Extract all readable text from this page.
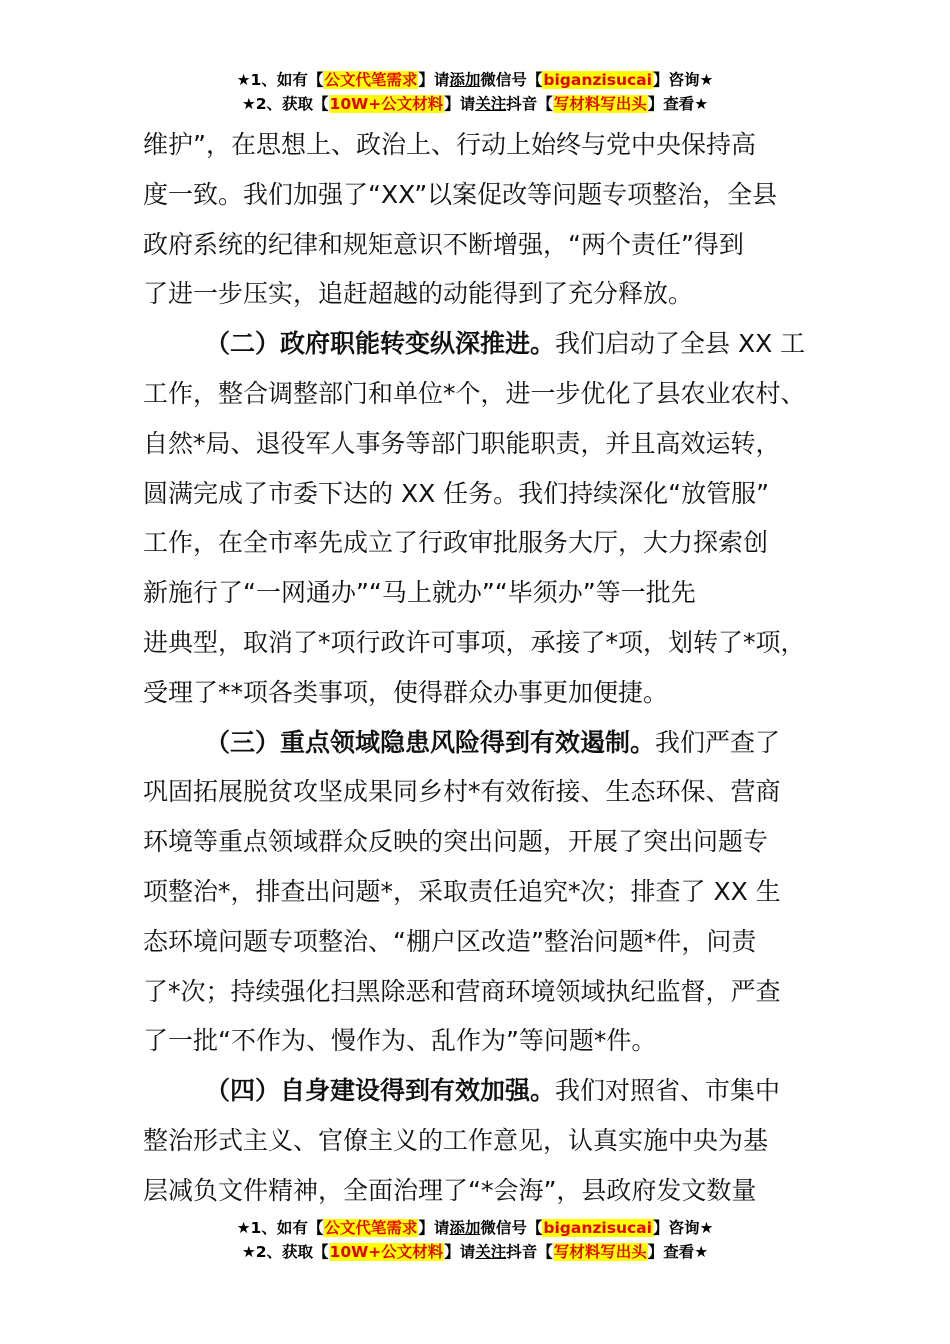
★1、如有【公文代笔需求】请添加微信号【biganzisucai】咨询★
★2、获取【10W+公文材料】请关注抖音【写材料写出头】查看★

维护”，在思想上、政治上、行动上始终与党中央保持高

度一致。我们加强了“XX”以案促改等问题专项整治，全县

政府系统的纪律和规矩意识不断增强，“两个责任”得到

了进一步压实，追赶超越的动能得到了充分释放。

（二）政府职能转变纵深推进。我们启动了全县 XX 工

工作，整合调整部门和单位*个，进一步优化了县农业农村、

自然*局、退役军人事务等部门职能职责，并且高效运转，

圆满完成了市委下达的 XX 任务。我们持续深化“放管服”

工作，在全市率先成立了行政审批服务大厅，大力探索创

新施行了“一网通办”“马上就办”“毕须办”等一批先

进典型，取消了*项行政许可事项，承接了*项，划转了*项，

受理了**项各类事项，使得群众办事更加便捷。

（三）重点领域隐患风险得到有效遏制。我们严查了

巩固拓展脱贫攻坚成果同乡村*有效衔接、生态环保、营商

环境等重点领域群众反映的突出问题，开展了突出问题专

项整治*，排查出问题*，采取责任追究*次；排查了 XX 生

态环境问题专项整治、“棚户区改造”整治问题*件，问责

了*次；持续强化扫黑除恶和营商环境领域执纪监督，严查

了一批“不作为、慢作为、乱作为”等问题*件。

（四）自身建设得到有效加强。我们对照省、市集中

整治形式主义、官僚主义的工作意见，认真实施中央为基

层减负文件精神，全面治理了“*会海”，县政府发文数量

★1、如有【公文代笔需求】请添加微信号【biganzisucai】咨询★
★2、获取【10W+公文材料】请关注抖音【写材料写出头】查看★
